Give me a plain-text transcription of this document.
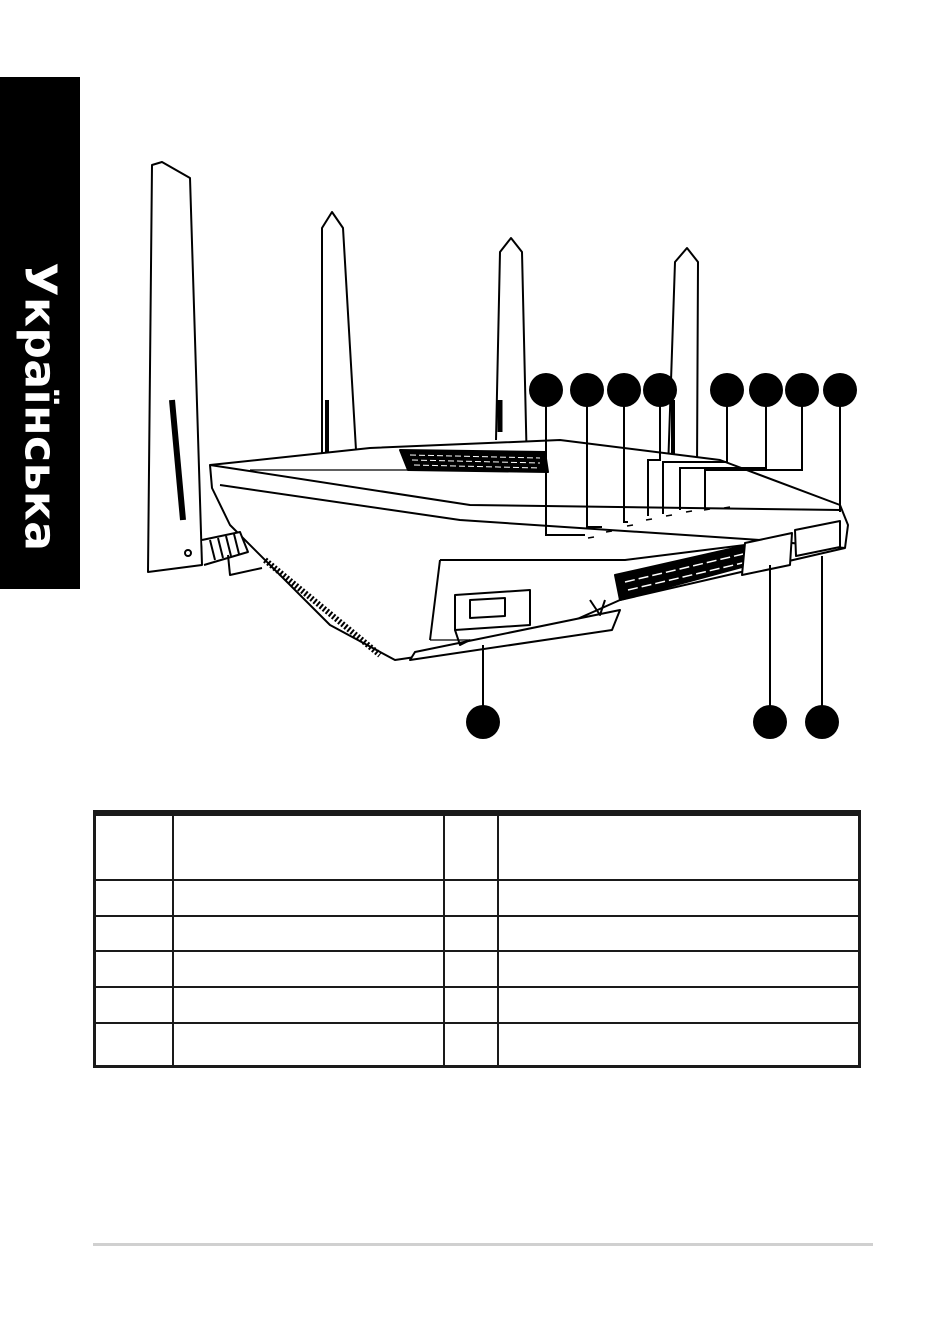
Українська
